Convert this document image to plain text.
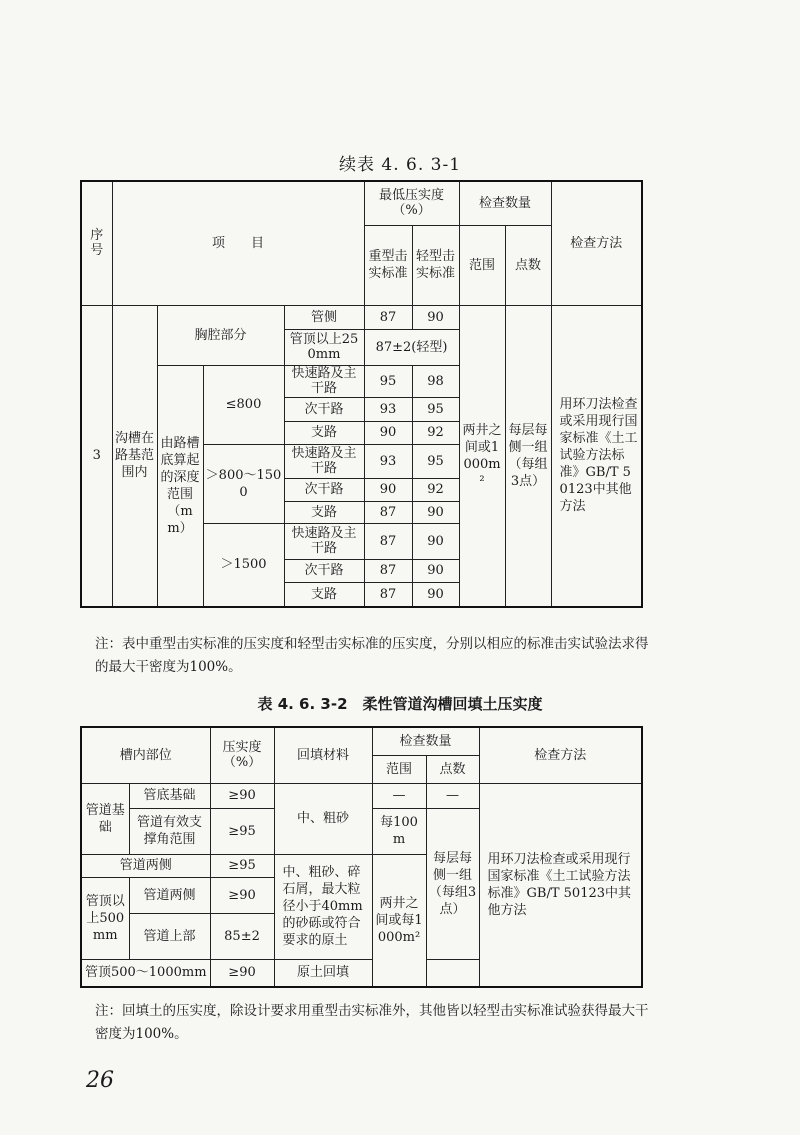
续表 4. 6. 3-1
序号	项　　目				最低压实度（%）		检查数量		检查方法
					重型击实标准	轻型击实标准	范围	点数	
3	沟槽在路基范围内	胸腔部分		管侧	87	90	两井之间或1000m²	每层每侧一组（每组3点）	用环刀法检查或采用现行国家标准《土工试验方法标准》GB/T 50123中其他方法
				管顶以上250mm	87±2(轻型)				
		由路槽底算起的深度范围（mm）	≤800	快速路及主干路	95	98			
				次干路	93	95			
				支路	90	92			
			＞800～1500	快速路及主干路	93	95			
				次干路	90	92			
				支路	87	90			
			＞1500	快速路及主干路	87	90			
				次干路	87	90			
				支路	87	90			
注：表中重型击实标准的压实度和轻型击实标准的压实度，分别以相应的标准击实试验法求得的最大干密度为100%。
表 4. 6. 3-2　柔性管道沟槽回填土压实度
槽内部位		压实度（%）	回填材料	检查数量		检查方法
				范围	点数	
管道基础	管底基础	≥90	中、粗砂	—	—	用环刀法检查或采用现行国家标准《土工试验方法标准》GB/T 50123中其他方法
	管道有效支撑角范围	≥95		每100m	每层每侧一组（每组3点）	
管道两侧		≥95	中、粗砂、碎石屑，最大粒径小于40mm的砂砾或符合要求的原土	两井之间或每1000m²		
管顶以上500mm	管道两侧	≥90				
	管道上部	85±2				
管顶500～1000mm		≥90	原土回填			
注：回填土的压实度，除设计要求用重型击实标准外，其他皆以轻型击实标准试验获得最大干密度为100%。
26
